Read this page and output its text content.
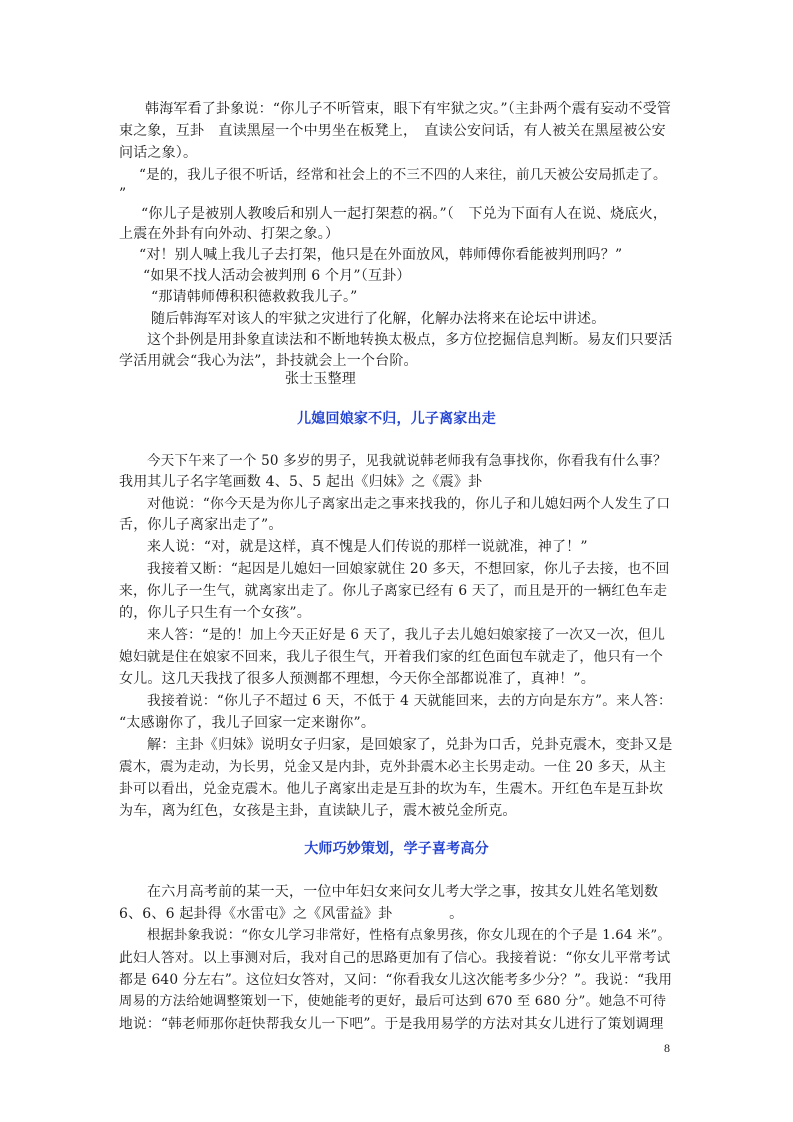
韩海军看了卦象说：“你儿子不听管束，眼下有牢狱之灾。”（主卦两个震有妄动不受管
束之象，互卦　直读黑屋一个中男坐在板凳上，　直读公安问话，有人被关在黑屋被公安
问话之象）。
“是的，我儿子很不听话，经常和社会上的不三不四的人来往，前几天被公安局抓走了。
”
“你儿子是被别人教唆后和别人一起打架惹的祸。”（　下兑为下面有人在说、烧底火，
上震在外卦有向外动、打架之象。）
“对！别人喊上我儿子去打架，他只是在外面放风，韩师傅你看能被判刑吗？”
“如果不找人活动会被判刑 6 个月”（互卦）
“那请韩师傅积积德救救我儿子。”
随后韩海军对该人的牢狱之灾进行了化解，化解办法将来在论坛中讲述。
这个卦例是用卦象直读法和不断地转换太极点，多方位挖掘信息判断。易友们只要活
学活用就会“我心为法”，卦技就会上一个台阶。
张士玉整理
儿媳回娘家不归，儿子离家出走
今天下午来了一个 50 多岁的男子，见我就说韩老师我有急事找你，你看我有什么事？
我用其儿子名字笔画数 4、5、5 起出《归妹》之《震》卦
对他说：“你今天是为你儿子离家出走之事来找我的，你儿子和儿媳妇两个人发生了口
舌，你儿子离家出走了”。
来人说：“对，就是这样，真不愧是人们传说的那样一说就准，神了！”
我接着又断：“起因是儿媳妇一回娘家就住 20 多天，不想回家，你儿子去接，也不回
来，你儿子一生气，就离家出走了。你儿子离家已经有 6 天了，而且是开的一辆红色车走
的，你儿子只生有一个女孩”。
来人答：“是的！加上今天正好是 6 天了，我儿子去儿媳妇娘家接了一次又一次，但儿
媳妇就是住在娘家不回来，我儿子很生气，开着我们家的红色面包车就走了，他只有一个
女儿。这几天我找了很多人预测都不理想，今天你全部都说准了，真神！”。
我接着说：“你儿子不超过 6 天，不低于 4 天就能回来，去的方向是东方”。来人答：
“太感谢你了，我儿子回家一定来谢你”。
解：主卦《归妹》说明女子归家，是回娘家了，兑卦为口舌，兑卦克震木，变卦又是
震木，震为走动，为长男，兑金又是内卦，克外卦震木必主长男走动。一住 20 多天，从主
卦可以看出，兑金克震木。他儿子离家出走是互卦的坎为车，生震木。开红色车是互卦坎
为车，离为红色，女孩是主卦，直读缺儿子，震木被兑金所克。
大师巧妙策划，学子喜考高分
在六月高考前的某一天，一位中年妇女来问女儿考大学之事，按其女儿姓名笔划数
6、6、6 起卦得《水雷屯》之《风雷益》卦　　　　。
根据卦象我说：“你女儿学习非常好，性格有点象男孩，你女儿现在的个子是 1.64 米”。
此妇人答对。以上事测对后，我对自己的思路更加有了信心。我接着说：“你女儿平常考试
都是 640 分左右”。这位妇女答对，又问：“你看我女儿这次能考多少分？”。我说：“我用
周易的方法给她调整策划一下，使她能考的更好，最后可达到 670 至 680 分”。她急不可待
地说：“韩老师那你赶快帮我女儿一下吧”。于是我用易学的方法对其女儿进行了策划调理
8
